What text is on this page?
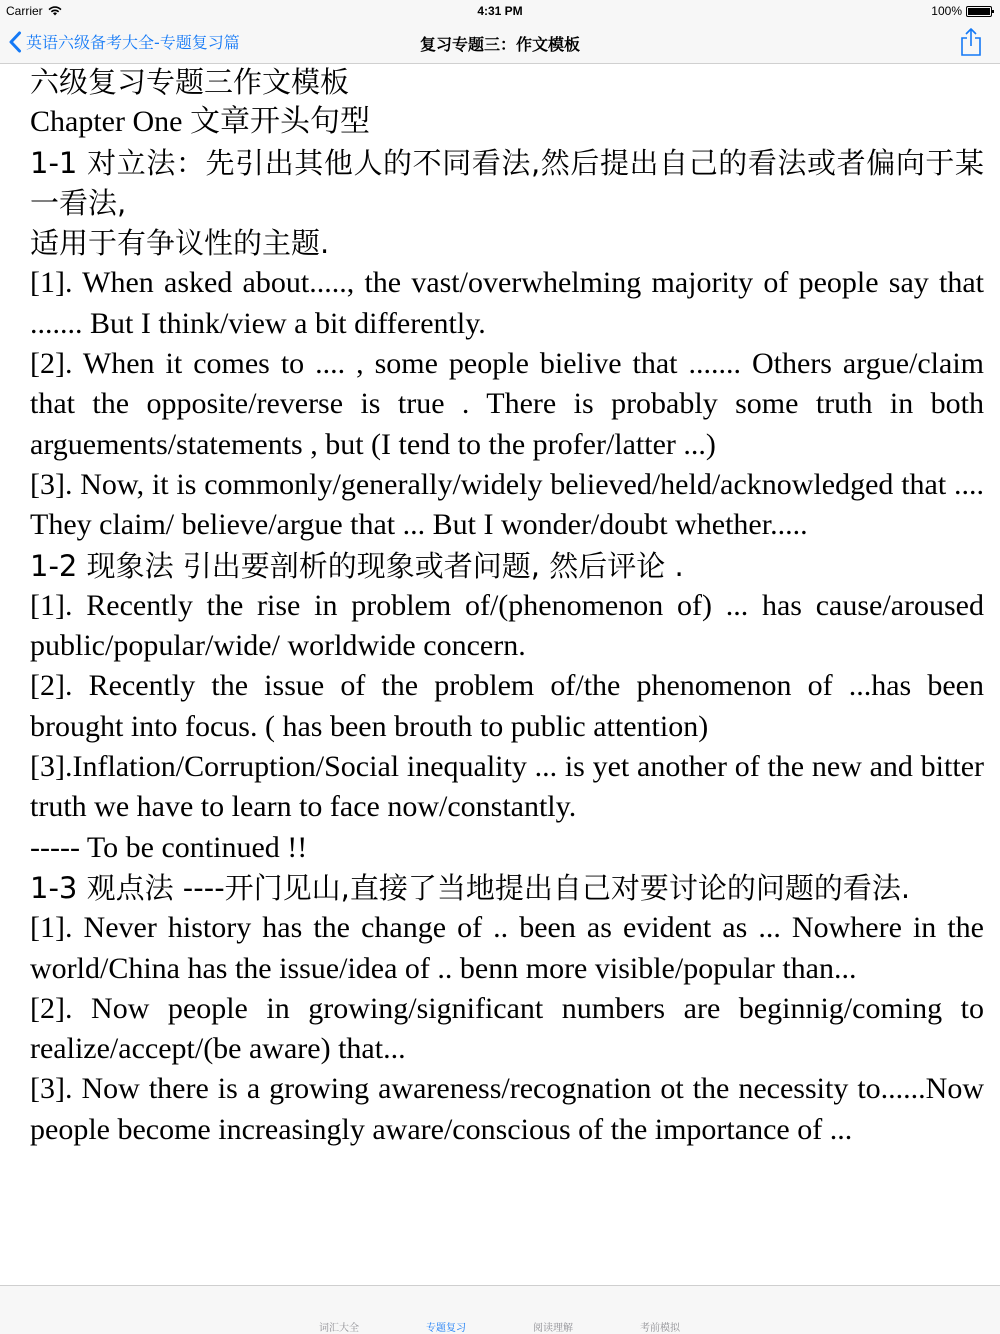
Carrier	4:31 PM	100%
英语六级备考大全-专题复习篇	复习专题三：作文模板

六级复习专题三作文模板

Chapter One 文章开头句型

1-1 对立法：先引出其他人的不同看法,然后提出自己的看法或者偏向于某一看法,

适用于有争议性的主题.

[1]. When asked about....., the vast/overwhelming majority of people say that ....... But I think/view a bit differently.

[2]. When it comes to .... , some people bielive that ....... Others argue/claim that the opposite/reverse is true . There is probably some truth in both arguements/statements , but (I tend to the profer/latter ...)

[3]. Now, it is commonly/generally/widely believed/held/acknowledged that .... They claim/ believe/argue that ... But I wonder/doubt whether.....

1-2 现象法 引出要剖析的现象或者问题, 然后评论 .

[1]. Recently the rise in problem of/(phenomenon of) ... has cause/aroused public/popular/wide/ worldwide concern.

[2]. Recently the issue of the problem of/the phenomenon of ...has been brought into focus. ( has been brouth to public attention)

[3].Inflation/Corruption/Social inequality ... is yet another of the new and bitter truth we have to learn to face now/constantly.

----- To be continued !!

1-3 观点法 ----开门见山,直接了当地提出自己对要讨论的问题的看法.

[1]. Never history has the change of .. been as evident as ... Nowhere in the world/China has the issue/idea of .. benn more visible/popular than...

[2]. Now people in growing/significant numbers are beginnig/coming to realize/accept/(be aware) that...

[3]. Now there is a growing awareness/recognation ot the necessity to......Now people become increasingly aware/conscious of the importance of ...

词汇大全	专题复习	阅读理解	考前模拟
